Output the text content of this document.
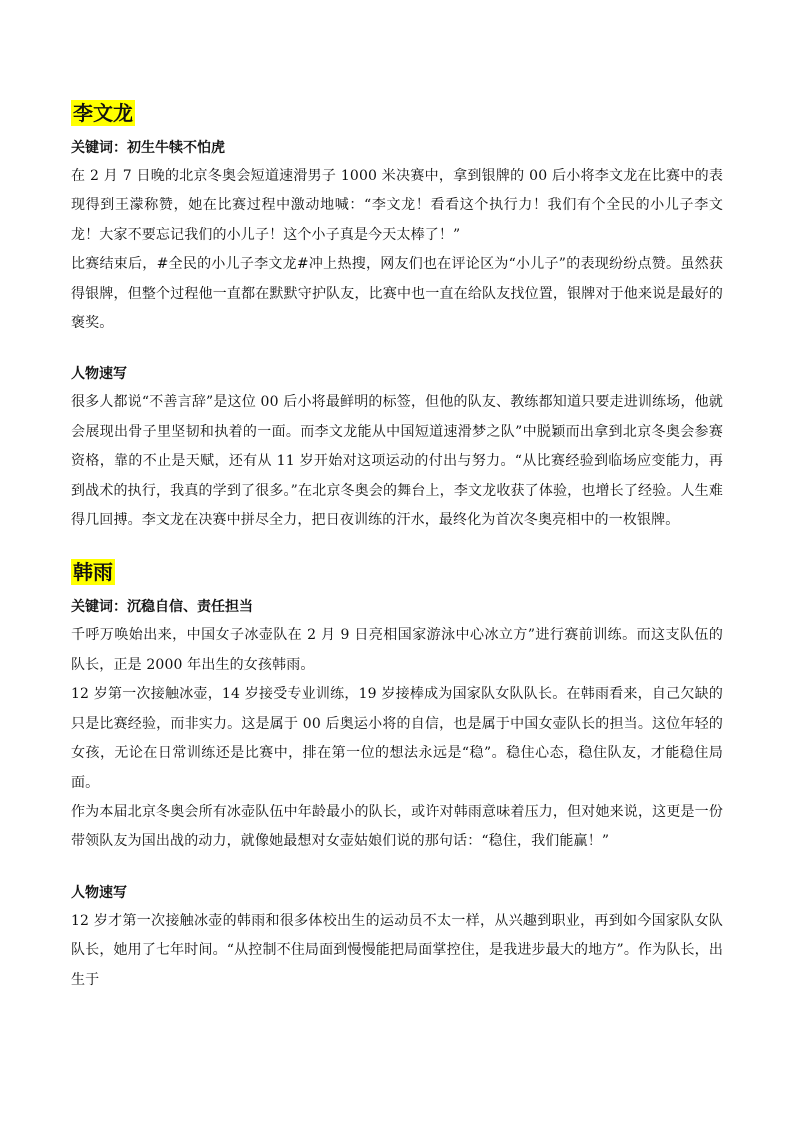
李文龙

关键词：初生牛犊不怕虎

在 2 月 7 日晚的北京冬奥会短道速滑男子 1000 米决赛中，拿到银牌的 00 后小将李文龙在比赛中的表现得到王濛称赞，她在比赛过程中激动地喊：“李文龙！看看这个执行力！我们有个全民的小儿子李文龙！大家不要忘记我们的小儿子！这个小子真是今天太棒了！”

比赛结束后，#全民的小儿子李文龙#冲上热搜，网友们也在评论区为“小儿子”的表现纷纷点赞。虽然获得银牌，但整个过程他一直都在默默守护队友，比赛中也一直在给队友找位置，银牌对于他来说是最好的褒奖。

人物速写

很多人都说“不善言辞”是这位 00 后小将最鲜明的标签，但他的队友、教练都知道只要走进训练场，他就会展现出骨子里坚韧和执着的一面。而李文龙能从中国短道速滑梦之队”中脱颖而出拿到北京冬奥会参赛资格，靠的不止是天赋，还有从 11 岁开始对这项运动的付出与努力。“从比赛经验到临场应变能力，再到战术的执行，我真的学到了很多。”在北京冬奥会的舞台上，李文龙收获了体验，也增长了经验。人生难得几回搏。李文龙在决赛中拼尽全力，把日夜训练的汗水，最终化为首次冬奥亮相中的一枚银牌。

韩雨

关键词：沉稳自信、责任担当

千呼万唤始出来，中国女子冰壶队在 2 月 9 日亮相国家游泳中心冰立方”进行赛前训练。而这支队伍的队长，正是 2000 年出生的女孩韩雨。

12 岁第一次接触冰壶，14 岁接受专业训练，19 岁接棒成为国家队女队队长。在韩雨看来，自己欠缺的只是比赛经验，而非实力。这是属于 00 后奥运小将的自信，也是属于中国女壶队长的担当。这位年轻的女孩，无论在日常训练还是比赛中，排在第一位的想法永远是“稳”。稳住心态，稳住队友，才能稳住局面。

作为本届北京冬奥会所有冰壶队伍中年龄最小的队长，或许对韩雨意味着压力，但对她来说，这更是一份带领队友为国出战的动力，就像她最想对女壶姑娘们说的那句话：“稳住，我们能赢！”

人物速写

12 岁才第一次接触冰壶的韩雨和很多体校出生的运动员不太一样，从兴趣到职业，再到如今国家队女队队长，她用了七年时间。“从控制不住局面到慢慢能把局面掌控住，是我进步最大的地方”。作为队长，出生于
